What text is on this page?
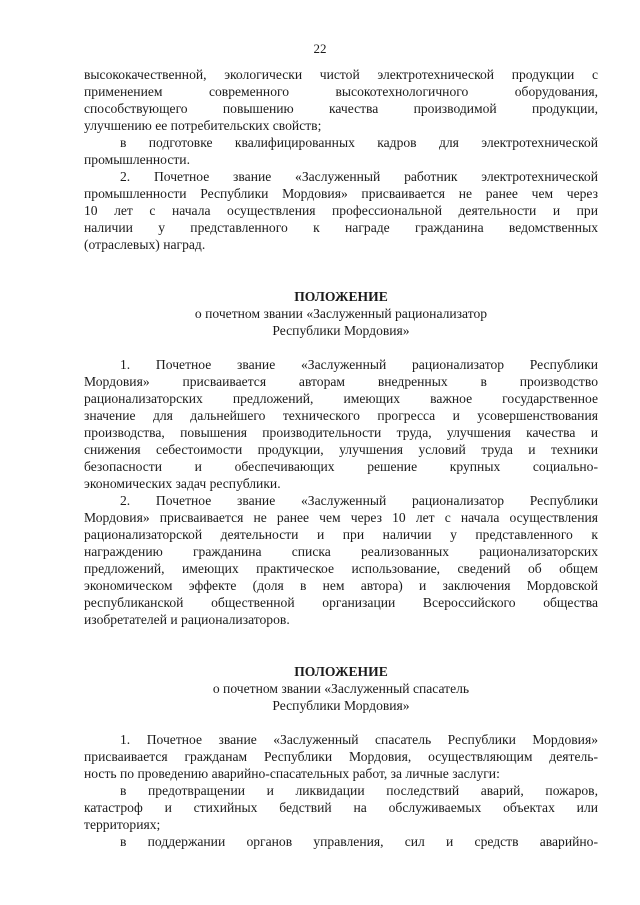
22

высококачественной, экологически чистой электротехнической продукции с

применением современного высокотехнологичного оборудования,

способствующего повышению качества производимой продукции,

улучшению ее потребительских свойств;

в подготовке квалифицированных кадров для электротехнической

промышленности.

2. Почетное звание «Заслуженный работник электротехнической

промышленности Республики Мордовия» присваивается не ранее чем через

10 лет с начала осуществления профессиональной деятельности и при

наличии у представленного к награде гражданина ведомственных

(отраслевых) наград.

ПОЛОЖЕНИЕ

о почетном звании «Заслуженный рационализатор

Республики Мордовия»

1. Почетное звание «Заслуженный рационализатор Республики

Мордовия» присваивается авторам внедренных в производство

рационализаторских предложений, имеющих важное государственное

значение для дальнейшего технического прогресса и усовершенствования

производства, повышения производительности труда, улучшения качества и

снижения себестоимости продукции, улучшения условий труда и техники

безопасности и обеспечивающих решение крупных социально-

экономических задач республики.

2. Почетное звание «Заслуженный рационализатор Республики

Мордовия» присваивается не ранее чем через 10 лет с начала осуществления

рационализаторской деятельности и при наличии у представленного к

награждению гражданина списка реализованных рационализаторских

предложений, имеющих практическое использование, сведений об общем

экономическом эффекте (доля в нем автора) и заключения Мордовской

республиканской общественной организации Всероссийского общества

изобретателей и рационализаторов.

ПОЛОЖЕНИЕ

о почетном звании «Заслуженный спасатель

Республики Мордовия»

1. Почетное звание «Заслуженный спасатель Республики Мордовия»

присваивается гражданам Республики Мордовия, осуществляющим деятель-

ность по проведению аварийно-спасательных работ, за личные заслуги:

в предотвращении и ликвидации последствий аварий, пожаров,

катастроф и стихийных бедствий на обслуживаемых объектах или

территориях;

в поддержании органов управления, сил и средств аварийно-
